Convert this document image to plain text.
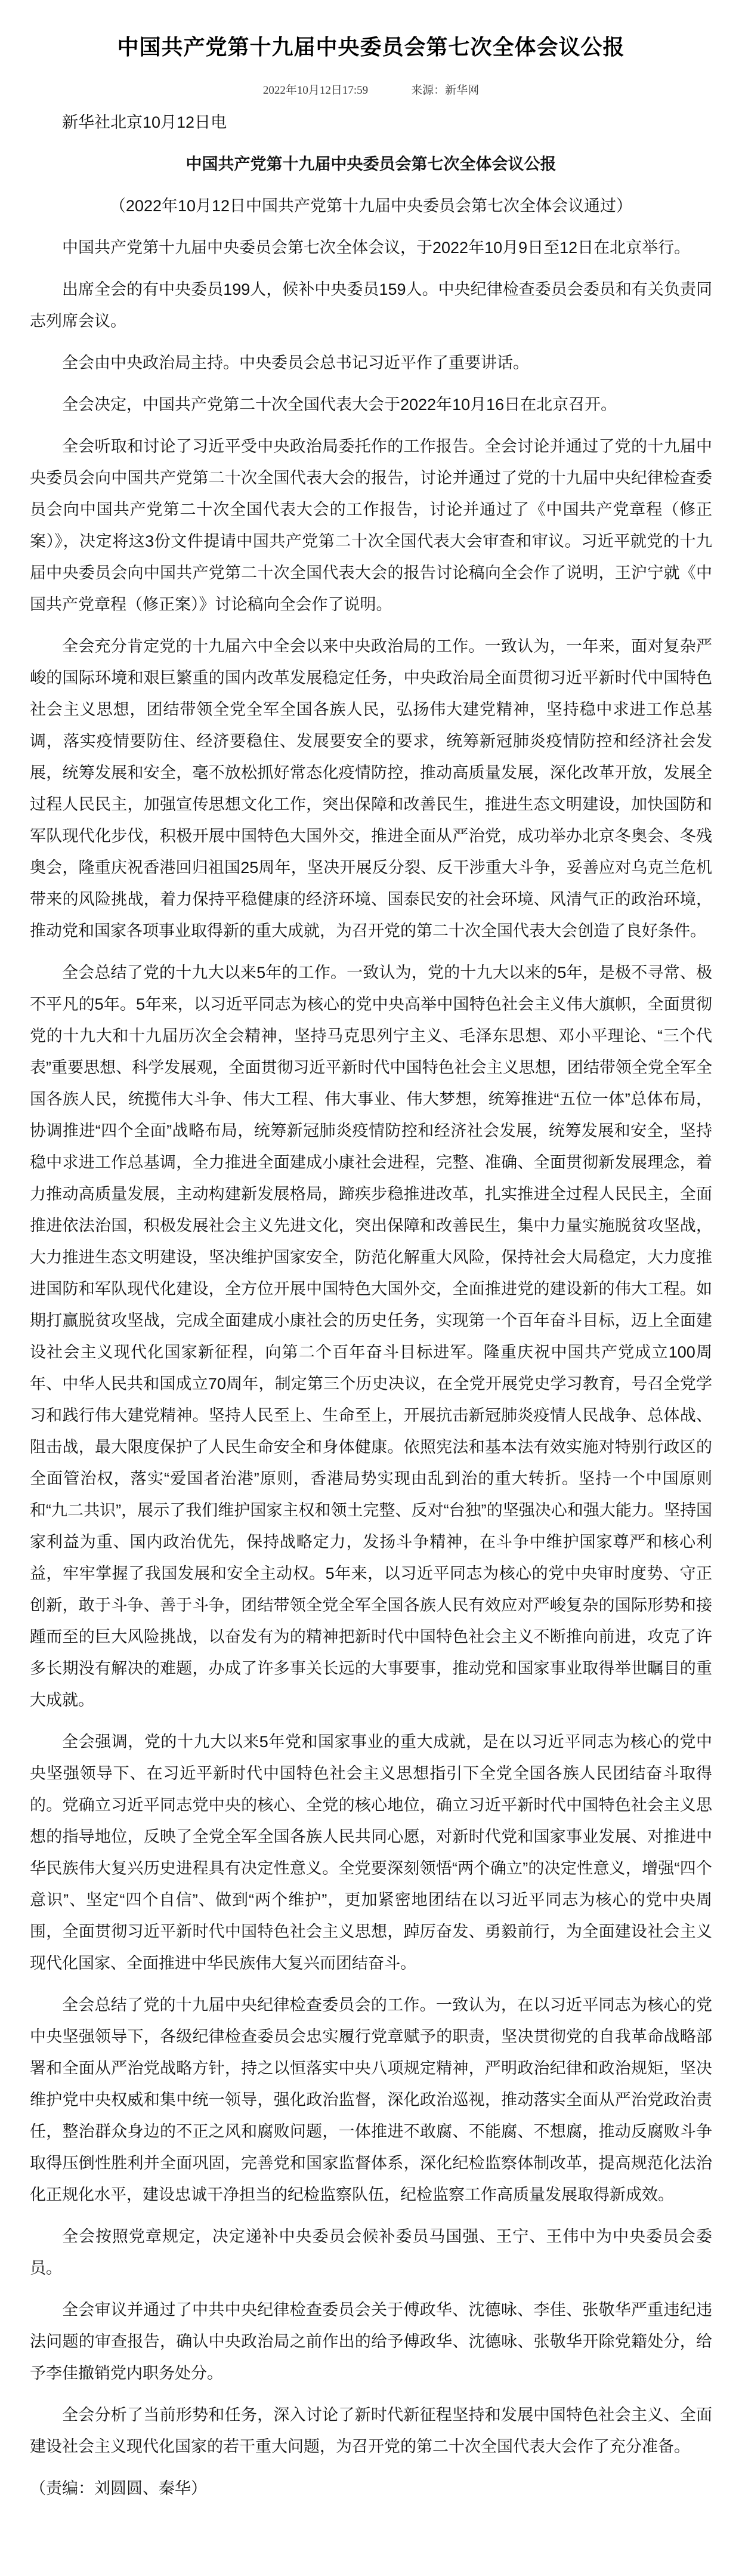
中国共产党第十九届中央委员会第七次全体会议公报

2022年10月12日17:59	来源：新华网

新华社北京10月12日电

中国共产党第十九届中央委员会第七次全体会议公报

（2022年10月12日中国共产党第十九届中央委员会第七次全体会议通过）

中国共产党第十九届中央委员会第七次全体会议，于2022年10月9日至12日在北京举行。

出席全会的有中央委员199人，候补中央委员159人。中央纪律检查委员会委员和有关负责同志列席会议。

全会由中央政治局主持。中央委员会总书记习近平作了重要讲话。

全会决定，中国共产党第二十次全国代表大会于2022年10月16日在北京召开。

全会听取和讨论了习近平受中央政治局委托作的工作报告。全会讨论并通过了党的十九届中央委员会向中国共产党第二十次全国代表大会的报告，讨论并通过了党的十九届中央纪律检查委员会向中国共产党第二十次全国代表大会的工作报告，讨论并通过了《中国共产党章程（修正案）》，决定将这3份文件提请中国共产党第二十次全国代表大会审查和审议。习近平就党的十九届中央委员会向中国共产党第二十次全国代表大会的报告讨论稿向全会作了说明，王沪宁就《中国共产党章程（修正案）》讨论稿向全会作了说明。

全会充分肯定党的十九届六中全会以来中央政治局的工作。一致认为，一年来，面对复杂严峻的国际环境和艰巨繁重的国内改革发展稳定任务，中央政治局全面贯彻习近平新时代中国特色社会主义思想，团结带领全党全军全国各族人民，弘扬伟大建党精神，坚持稳中求进工作总基调，落实疫情要防住、经济要稳住、发展要安全的要求，统筹新冠肺炎疫情防控和经济社会发展，统筹发展和安全，毫不放松抓好常态化疫情防控，推动高质量发展，深化改革开放，发展全过程人民民主，加强宣传思想文化工作，突出保障和改善民生，推进生态文明建设，加快国防和军队现代化步伐，积极开展中国特色大国外交，推进全面从严治党，成功举办北京冬奥会、冬残奥会，隆重庆祝香港回归祖国25周年，坚决开展反分裂、反干涉重大斗争，妥善应对乌克兰危机带来的风险挑战，着力保持平稳健康的经济环境、国泰民安的社会环境、风清气正的政治环境，推动党和国家各项事业取得新的重大成就，为召开党的第二十次全国代表大会创造了良好条件。

全会总结了党的十九大以来5年的工作。一致认为，党的十九大以来的5年，是极不寻常、极不平凡的5年。5年来，以习近平同志为核心的党中央高举中国特色社会主义伟大旗帜，全面贯彻党的十九大和十九届历次全会精神，坚持马克思列宁主义、毛泽东思想、邓小平理论、“三个代表”重要思想、科学发展观，全面贯彻习近平新时代中国特色社会主义思想，团结带领全党全军全国各族人民，统揽伟大斗争、伟大工程、伟大事业、伟大梦想，统筹推进“五位一体”总体布局，协调推进“四个全面”战略布局，统筹新冠肺炎疫情防控和经济社会发展，统筹发展和安全，坚持稳中求进工作总基调，全力推进全面建成小康社会进程，完整、准确、全面贯彻新发展理念，着力推动高质量发展，主动构建新发展格局，蹄疾步稳推进改革，扎实推进全过程人民民主，全面推进依法治国，积极发展社会主义先进文化，突出保障和改善民生，集中力量实施脱贫攻坚战，大力推进生态文明建设，坚决维护国家安全，防范化解重大风险，保持社会大局稳定，大力度推进国防和军队现代化建设，全方位开展中国特色大国外交，全面推进党的建设新的伟大工程。如期打赢脱贫攻坚战，完成全面建成小康社会的历史任务，实现第一个百年奋斗目标，迈上全面建设社会主义现代化国家新征程，向第二个百年奋斗目标进军。隆重庆祝中国共产党成立100周年、中华人民共和国成立70周年，制定第三个历史决议，在全党开展党史学习教育，号召全党学习和践行伟大建党精神。坚持人民至上、生命至上，开展抗击新冠肺炎疫情人民战争、总体战、阻击战，最大限度保护了人民生命安全和身体健康。依照宪法和基本法有效实施对特别行政区的全面管治权，落实“爱国者治港”原则，香港局势实现由乱到治的重大转折。坚持一个中国原则和“九二共识”，展示了我们维护国家主权和领土完整、反对“台独”的坚强决心和强大能力。坚持国家利益为重、国内政治优先，保持战略定力，发扬斗争精神，在斗争中维护国家尊严和核心利益，牢牢掌握了我国发展和安全主动权。5年来，以习近平同志为核心的党中央审时度势、守正创新，敢于斗争、善于斗争，团结带领全党全军全国各族人民有效应对严峻复杂的国际形势和接踵而至的巨大风险挑战，以奋发有为的精神把新时代中国特色社会主义不断推向前进，攻克了许多长期没有解决的难题，办成了许多事关长远的大事要事，推动党和国家事业取得举世瞩目的重大成就。

全会强调，党的十九大以来5年党和国家事业的重大成就，是在以习近平同志为核心的党中央坚强领导下、在习近平新时代中国特色社会主义思想指引下全党全国各族人民团结奋斗取得的。党确立习近平同志党中央的核心、全党的核心地位，确立习近平新时代中国特色社会主义思想的指导地位，反映了全党全军全国各族人民共同心愿，对新时代党和国家事业发展、对推进中华民族伟大复兴历史进程具有决定性意义。全党要深刻领悟“两个确立”的决定性意义，增强“四个意识”、坚定“四个自信”、做到“两个维护”，更加紧密地团结在以习近平同志为核心的党中央周围，全面贯彻习近平新时代中国特色社会主义思想，踔厉奋发、勇毅前行，为全面建设社会主义现代化国家、全面推进中华民族伟大复兴而团结奋斗。

全会总结了党的十九届中央纪律检查委员会的工作。一致认为，在以习近平同志为核心的党中央坚强领导下，各级纪律检查委员会忠实履行党章赋予的职责，坚决贯彻党的自我革命战略部署和全面从严治党战略方针，持之以恒落实中央八项规定精神，严明政治纪律和政治规矩，坚决维护党中央权威和集中统一领导，强化政治监督，深化政治巡视，推动落实全面从严治党政治责任，整治群众身边的不正之风和腐败问题，一体推进不敢腐、不能腐、不想腐，推动反腐败斗争取得压倒性胜利并全面巩固，完善党和国家监督体系，深化纪检监察体制改革，提高规范化法治化正规化水平，建设忠诚干净担当的纪检监察队伍，纪检监察工作高质量发展取得新成效。

全会按照党章规定，决定递补中央委员会候补委员马国强、王宁、王伟中为中央委员会委员。

全会审议并通过了中共中央纪律检查委员会关于傅政华、沈德咏、李佳、张敬华严重违纪违法问题的审查报告，确认中央政治局之前作出的给予傅政华、沈德咏、张敬华开除党籍处分，给予李佳撤销党内职务处分。

全会分析了当前形势和任务，深入讨论了新时代新征程坚持和发展中国特色社会主义、全面建设社会主义现代化国家的若干重大问题，为召开党的第二十次全国代表大会作了充分准备。

（责编：刘圆圆、秦华）
